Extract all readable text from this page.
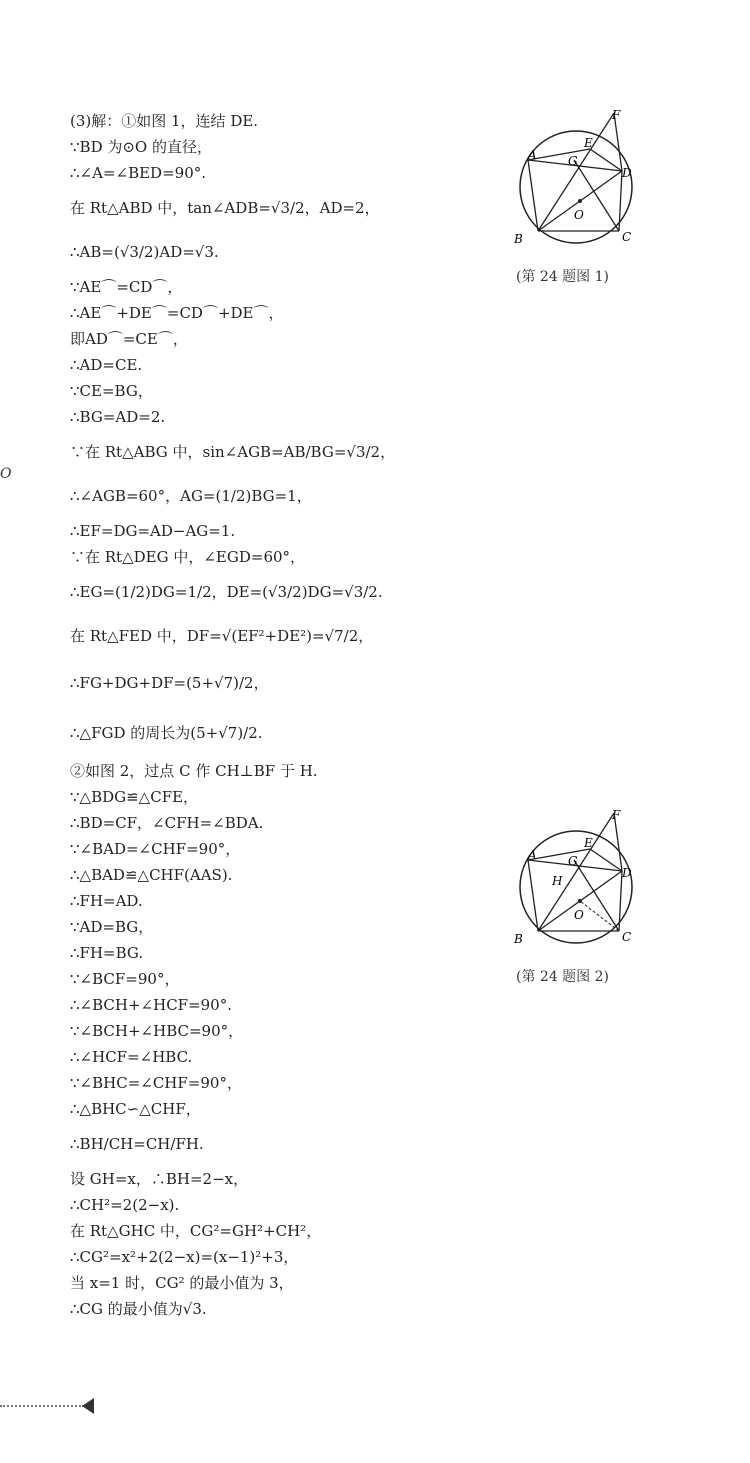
(3)解：①如图 1，连结 DE.
∵BD 为⊙O 的直径，
∴∠A=∠BED=90°.
在 Rt△ABD 中，tan∠ADB=√3/2，AD=2，
∴AB=(√3/2)AD=√3.
∵AE⌒=CD⌒，
∴AE⌒+DE⌒=CD⌒+DE⌒，
即AD⌒=CE⌒，
∴AD=CE.
∵CE=BG，
∴BG=AD=2.
∵在 Rt△ABG 中，sin∠AGB=AB/BG=√3/2，
∴∠AGB=60°，AG=(1/2)BG=1，
∴EF=DG=AD−AG=1.
∵在 Rt△DEG 中，∠EGD=60°，
∴EG=(1/2)DG=1/2，DE=(√3/2)DG=√3/2.
在 Rt△FED 中，DF=√(EF²+DE²)=√7/2，
∴FG+DG+DF=(5+√7)/2，
∴△FGD 的周长为(5+√7)/2.
②如图 2，过点 C 作 CH⊥BF 于 H.
∵△BDG≌△CFE，
∴BD=CF，∠CFH=∠BDA.
∵∠BAD=∠CHF=90°，
∴△BAD≌△CHF(AAS).
∴FH=AD.
∵AD=BG，
∴FH=BG.
∵∠BCF=90°，
∴∠BCH+∠HCF=90°.
∵∠BCH+∠HBC=90°，
∴∠HCF=∠HBC.
∵∠BHC=∠CHF=90°，
∴△BHC∽△CHF，
∴BH/CH=CH/FH.
设 GH=x，∴BH=2−x，
∴CH²=2(2−x).
在 Rt△GHC 中，CG²=GH²+CH²，
∴CG²=x²+2(2−x)=(x−1)²+3，
当 x=1 时，CG² 的最小值为 3，
∴CG 的最小值为√3.
F
E
A	G
D
O
B	C
(第 24 题图 1)
F
E
A	G
H
D
O
B	C
(第 24 题图 2)
O
